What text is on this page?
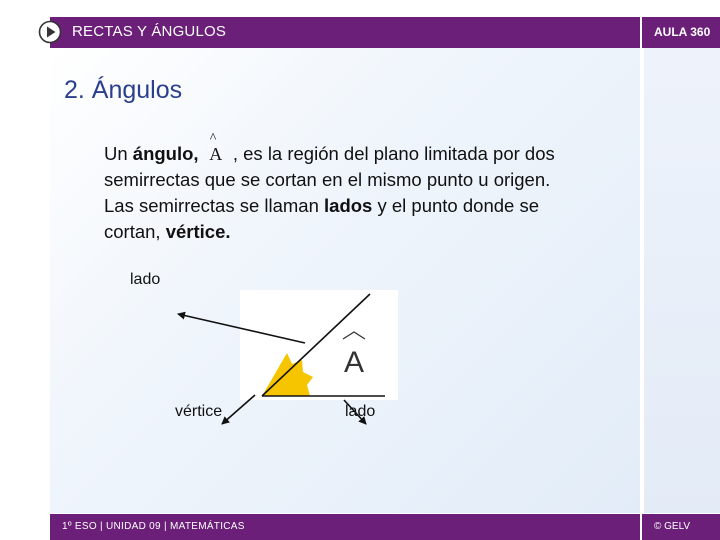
RECTAS Y ÁNGULOS	AULA 360
2. Ángulos
Un ángulo,
^
A , es la región del plano limitada por dos semirrectas que se cortan en el mismo punto u origen. Las semirrectas se llaman lados y el punto donde se cortan, vértice.
A
lado
vértice	lado
1º ESO | UNIDAD 09 | MATEMÁTICAS	© GELV
